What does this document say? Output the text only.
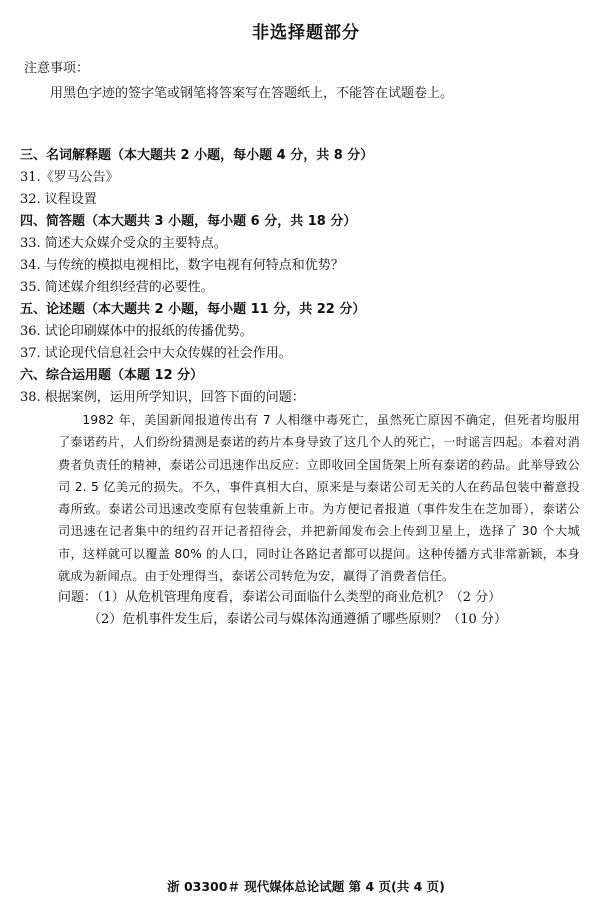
非选择题部分
注意事项：
用黑色字迹的签字笔或钢笔将答案写在答题纸上，不能答在试题卷上。
三、名词解释题（本大题共 2 小题，每小题 4 分，共 8 分）
31.《罗马公告》
32. 议程设置
四、简答题（本大题共 3 小题，每小题 6 分，共 18 分）
33. 简述大众媒介受众的主要特点。
34. 与传统的模拟电视相比，数字电视有何特点和优势？
35. 简述媒介组织经营的必要性。
五、论述题（本大题共 2 小题，每小题 11 分，共 22 分）
36. 试论印刷媒体中的报纸的传播优势。
37. 试论现代信息社会中大众传媒的社会作用。
六、综合运用题（本题 12 分）
38. 根据案例，运用所学知识，回答下面的问题：
1982 年，美国新闻报道传出有 7 人相继中毒死亡，虽然死亡原因不确定，但死者均服用了泰诺药片，人们纷纷猜测是泰诺的药片本身导致了这几个人的死亡，一时谣言四起。本着对消费者负责任的精神，泰诺公司迅速作出反应：立即收回全国货架上所有泰诺的药品。此举导致公司 2. 5 亿美元的损失。不久，事件真相大白，原来是与泰诺公司无关的人在药品包装中蓄意投毒所致。泰诺公司迅速改变原有包装重新上市。为方便记者报道（事件发生在芝加哥），泰诺公司迅速在记者集中的纽约召开记者招待会，并把新闻发布会上传到卫星上，选择了 30 个大城市，这样就可以覆盖 80% 的人口，同时让各路记者都可以提问。这种传播方式非常新颖，本身就成为新闻点。由于处理得当，泰诺公司转危为安，赢得了消费者信任。
问题：（1）从危机管理角度看，泰诺公司面临什么类型的商业危机？（2 分）
（2）危机事件发生后，泰诺公司与媒体沟通遵循了哪些原则？（10 分）
浙 03300＃ 现代媒体总论试题 第 4 页(共 4 页)
